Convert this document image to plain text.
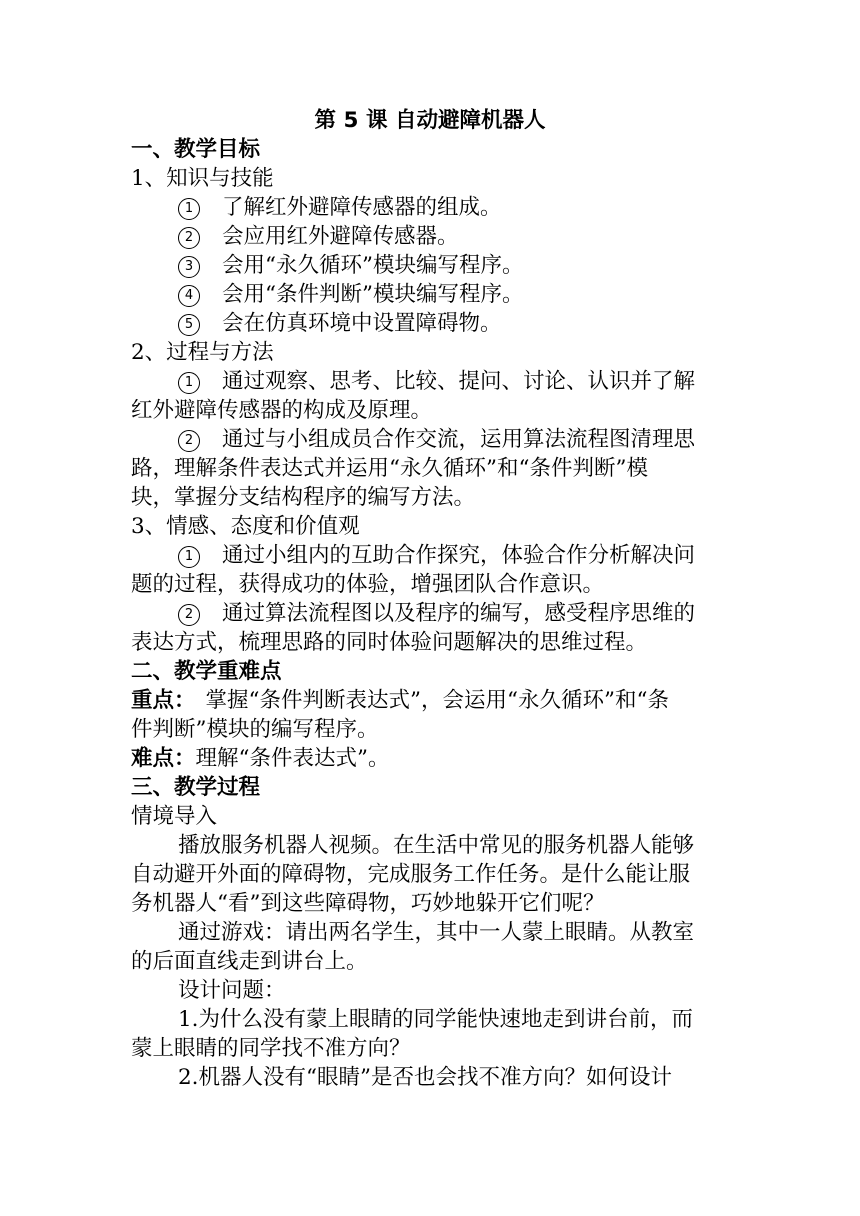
第 5 课 自动避障机器人
一、教学目标
1、知识与技能
1 了解红外避障传感器的组成。
2 会应用红外避障传感器。
3 会用“永久循环”模块编写程序。
4 会用“条件判断”模块编写程序。
5 会在仿真环境中设置障碍物。
2、过程与方法
1 通过观察、思考、比较、提问、讨论、认识并了解
红外避障传感器的构成及原理。
2 通过与小组成员合作交流，运用算法流程图清理思
路，理解条件表达式并运用“永久循环”和“条件判断”模
块，掌握分支结构程序的编写方法。
3、情感、态度和价值观
1 通过小组内的互助合作探究，体验合作分析解决问
题的过程，获得成功的体验，增强团队合作意识。
2 通过算法流程图以及程序的编写，感受程序思维的
表达方式，梳理思路的同时体验问题解决的思维过程。
二、教学重难点
重点： 掌握“条件判断表达式”，会运用“永久循环”和“条
件判断”模块的编写程序。
难点：理解“条件表达式”。
三、教学过程
情境导入
播放服务机器人视频。在生活中常见的服务机器人能够
自动避开外面的障碍物，完成服务工作任务。是什么能让服
务机器人“看”到这些障碍物，巧妙地躲开它们呢？
通过游戏：请出两名学生，其中一人蒙上眼睛。从教室
的后面直线走到讲台上。
设计问题：
1.为什么没有蒙上眼睛的同学能快速地走到讲台前，而
蒙上眼睛的同学找不准方向？
2.机器人没有“眼睛”是否也会找不准方向？如何设计
